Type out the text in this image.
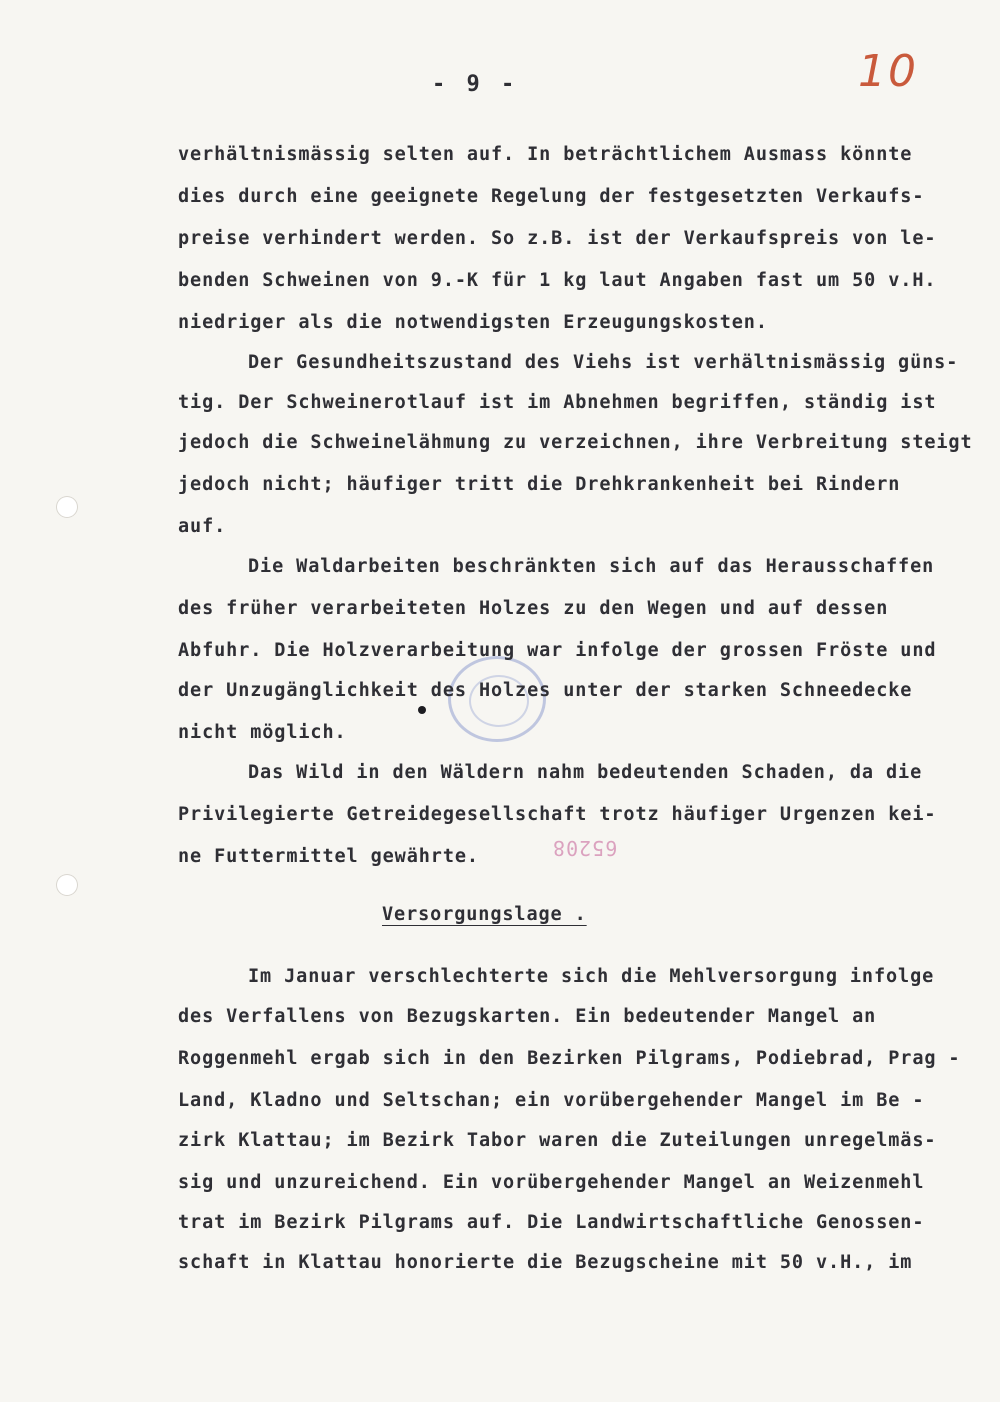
- 9 -	10
65208
verhältnismässig selten auf. In beträchtlichem Ausmass könnte
dies durch eine geeignete Regelung der festgesetzten Verkaufs-
preise verhindert werden. So z.B. ist der Verkaufspreis von le-
benden Schweinen von 9.-K für 1 kg laut Angaben fast um 50 v.H.
niedriger als die notwendigsten Erzeugungskosten.
Der Gesundheitszustand des Viehs ist verhältnismässig güns-
tig. Der Schweinerotlauf ist im Abnehmen begriffen, ständig ist
jedoch die Schweinelähmung zu verzeichnen, ihre Verbreitung steigt
jedoch nicht; häufiger tritt die Drehkrankenheit bei Rindern
auf.
Die Waldarbeiten beschränkten sich auf das Herausschaffen
des früher verarbeiteten Holzes zu den Wegen und auf dessen
Abfuhr. Die Holzverarbeitung war infolge der grossen Fröste und
der Unzugänglichkeit des Holzes unter der starken Schneedecke
nicht möglich.
Das Wild in den Wäldern nahm bedeutenden Schaden, da die
Privilegierte Getreidegesellschaft trotz häufiger Urgenzen kei-
ne Futtermittel gewährte.
Versorgungslage .
Im Januar verschlechterte sich die Mehlversorgung infolge
des Verfallens von Bezugskarten. Ein bedeutender Mangel an
Roggenmehl ergab sich in den Bezirken Pilgrams, Podiebrad, Prag -
Land, Kladno und Seltschan; ein vorübergehender Mangel im Be -
zirk Klattau; im Bezirk Tabor waren die Zuteilungen unregelmäs-
sig und unzureichend. Ein vorübergehender Mangel an Weizenmehl
trat im Bezirk Pilgrams auf. Die Landwirtschaftliche Genossen-
schaft in Klattau honorierte die Bezugscheine mit 50 v.H., im
